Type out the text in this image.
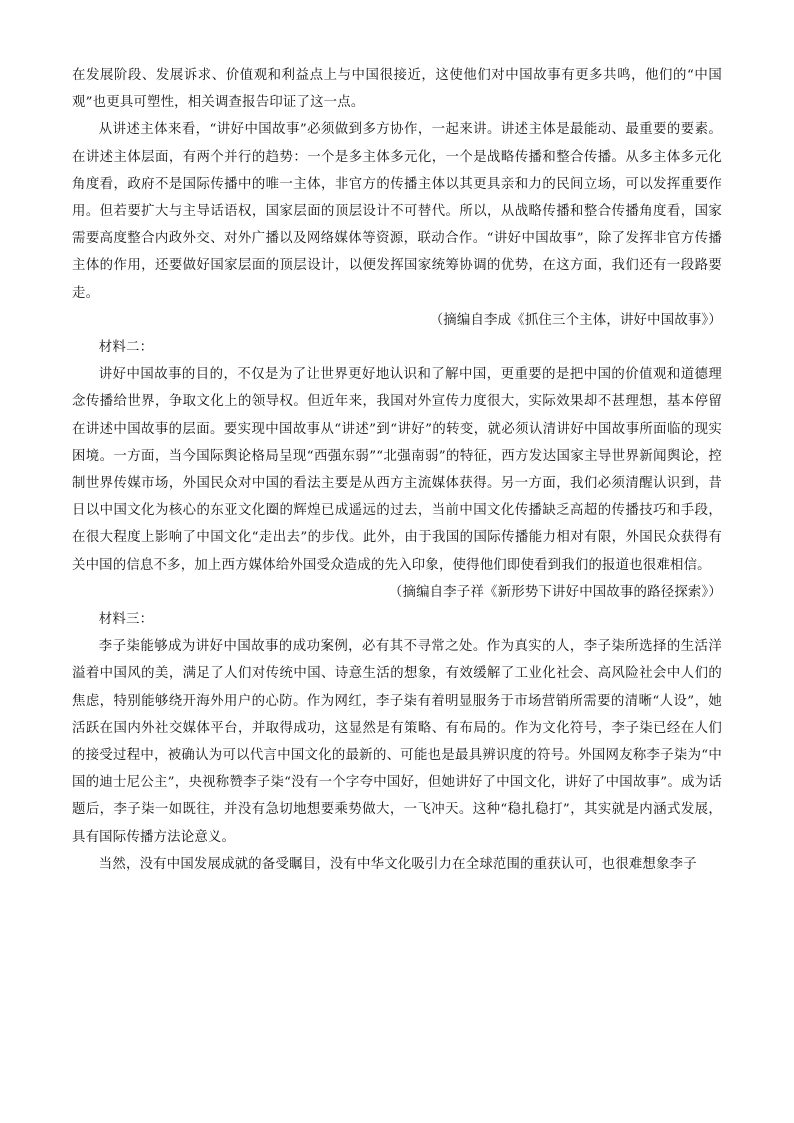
在发展阶段、发展诉求、价值观和利益点上与中国很接近，这使他们对中国故事有更多共鸣，他们的“中国观”也更具可塑性，相关调查报告印证了这一点。

从讲述主体来看，“讲好中国故事”必须做到多方协作，一起来讲。讲述主体是最能动、最重要的要素。在讲述主体层面，有两个并行的趋势：一个是多主体多元化，一个是战略传播和整合传播。从多主体多元化角度看，政府不是国际传播中的唯一主体，非官方的传播主体以其更具亲和力的民间立场，可以发挥重要作用。但若要扩大与主导话语权，国家层面的顶层设计不可替代。所以，从战略传播和整合传播角度看，国家需要高度整合内政外交、对外广播以及网络媒体等资源，联动合作。“讲好中国故事”，除了发挥非官方传播主体的作用，还要做好国家层面的顶层设计，以便发挥国家统筹协调的优势，在这方面，我们还有一段路要走。

（摘编自李成《抓住三个主体，讲好中国故事》）

材料二：

讲好中国故事的目的，不仅是为了让世界更好地认识和了解中国，更重要的是把中国的价值观和道德理念传播给世界，争取文化上的领导权。但近年来，我国对外宣传力度很大，实际效果却不甚理想，基本停留在讲述中国故事的层面。要实现中国故事从“讲述”到“讲好”的转变，就必须认清讲好中国故事所面临的现实困境。一方面，当今国际舆论格局呈现“西强东弱”“北强南弱”的特征，西方发达国家主导世界新闻舆论，控制世界传媒市场，外国民众对中国的看法主要是从西方主流媒体获得。另一方面，我们必须清醒认识到，昔日以中国文化为核心的东亚文化圈的辉煌已成遥远的过去，当前中国文化传播缺乏高超的传播技巧和手段，在很大程度上影响了中国文化“走出去”的步伐。此外，由于我国的国际传播能力相对有限，外国民众获得有关中国的信息不多，加上西方媒体给外国受众造成的先入印象，使得他们即使看到我们的报道也很难相信。

（摘编自李子祥《新形势下讲好中国故事的路径探索》）

材料三：

李子柒能够成为讲好中国故事的成功案例，必有其不寻常之处。作为真实的人，李子柒所选择的生活洋溢着中国风的美，满足了人们对传统中国、诗意生活的想象，有效缓解了工业化社会、高风险社会中人们的焦虑，特别能够绕开海外用户的心防。作为网红，李子柒有着明显服务于市场营销所需要的清晰“人设”，她活跃在国内外社交媒体平台，并取得成功，这显然是有策略、有布局的。作为文化符号，李子柒已经在人们的接受过程中，被确认为可以代言中国文化的最新的、可能也是最具辨识度的符号。外国网友称李子柒为“中国的迪士尼公主”，央视称赞李子柒“没有一个字夸中国好，但她讲好了中国文化，讲好了中国故事”。成为话题后，李子柒一如既往，并没有急切地想要乘势做大，一飞冲天。这种“稳扎稳打”，其实就是内涵式发展，具有国际传播方法论意义。

当然，没有中国发展成就的备受瞩目，没有中华文化吸引力在全球范围的重获认可，也很难想象李子
